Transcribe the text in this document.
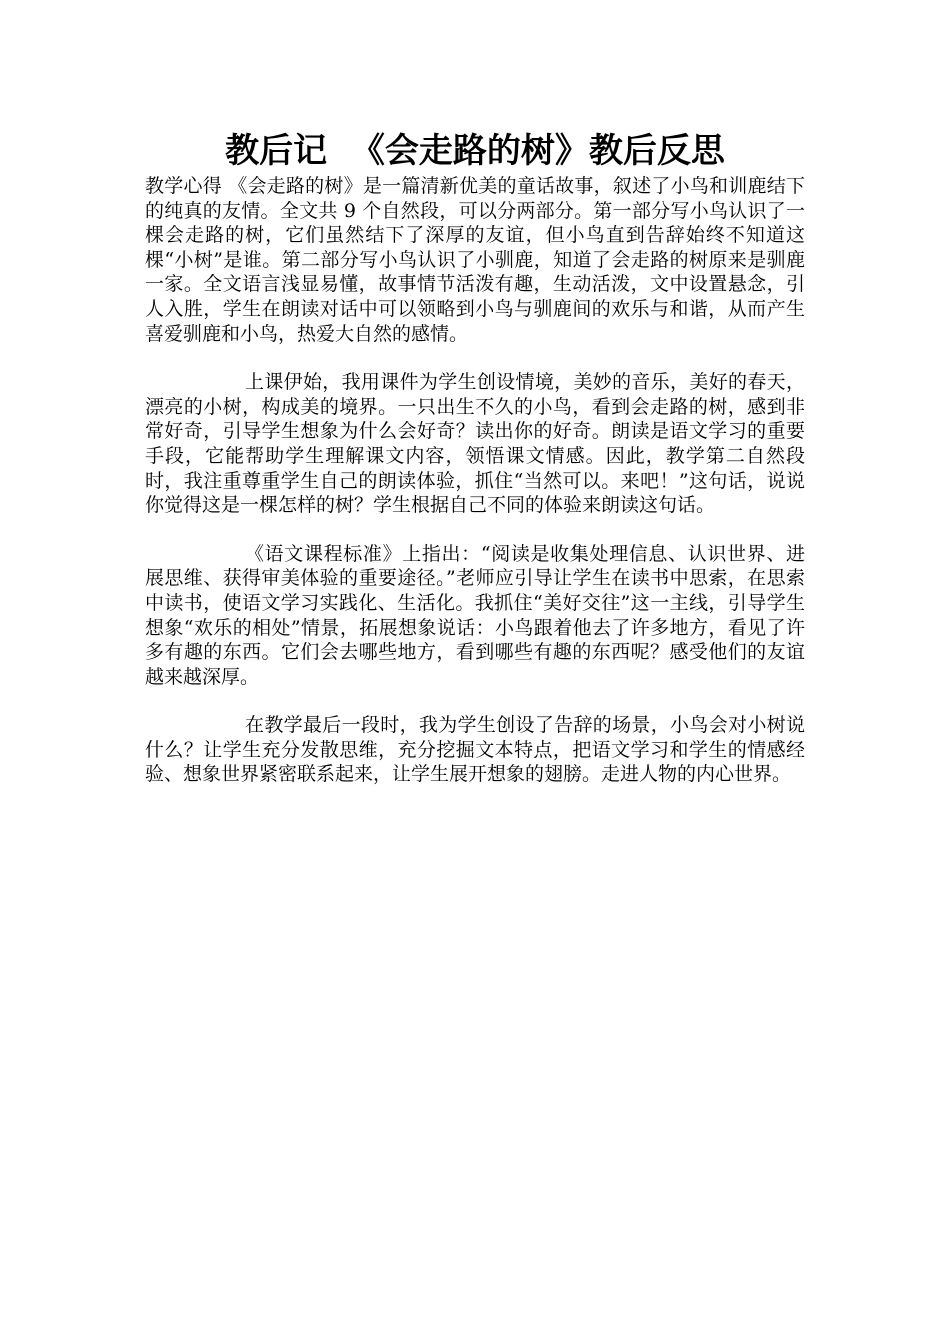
教后记  《会走路的树》教后反思

教学心得 《会走路的树》是一篇清新优美的童话故事，叙述了小鸟和训鹿结下的纯真的友情。全文共 9 个自然段，可以分两部分。第一部分写小鸟认识了一棵会走路的树，它们虽然结下了深厚的友谊，但小鸟直到告辞始终不知道这棵“小树”是谁。第二部分写小鸟认识了小驯鹿，知道了会走路的树原来是驯鹿一家。全文语言浅显易懂，故事情节活泼有趣，生动活泼，文中设置悬念，引人入胜，学生在朗读对话中可以领略到小鸟与驯鹿间的欢乐与和谐，从而产生喜爱驯鹿和小鸟，热爱大自然的感情。

上课伊始，我用课件为学生创设情境，美妙的音乐，美好的春天，漂亮的小树，构成美的境界。一只出生不久的小鸟，看到会走路的树，感到非常好奇，引导学生想象为什么会好奇？读出你的好奇。朗读是语文学习的重要手段，它能帮助学生理解课文内容，领悟课文情感。因此，教学第二自然段时，我注重尊重学生自己的朗读体验，抓住“当然可以。来吧！”这句话，说说你觉得这是一棵怎样的树？学生根据自己不同的体验来朗读这句话。

《语文课程标准》上指出：“阅读是收集处理信息、认识世界、进展思维、获得审美体验的重要途径。”老师应引导让学生在读书中思索，在思索中读书，使语文学习实践化、生活化。我抓住“美好交往”这一主线，引导学生想象“欢乐的相处”情景，拓展想象说话：小鸟跟着他去了许多地方，看见了许多有趣的东西。它们会去哪些地方，看到哪些有趣的东西呢？感受他们的友谊越来越深厚。

在教学最后一段时，我为学生创设了告辞的场景，小鸟会对小树说什么？让学生充分发散思维，充分挖掘文本特点，把语文学习和学生的情感经验、想象世界紧密联系起来，让学生展开想象的翅膀。走进人物的内心世界。
